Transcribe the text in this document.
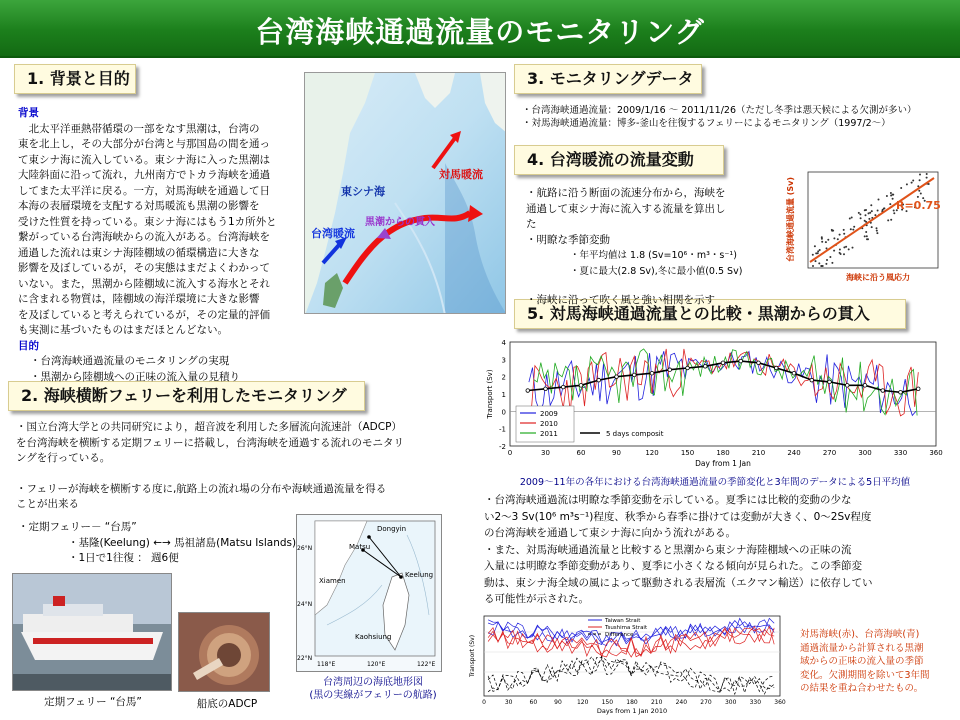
台湾海峡通過流量のモニタリング
1. 背景と目的
2. 海峡横断フェリーを利用したモニタリング
3. モニタリングデータ
4. 台湾暖流の流量変動
5. 対馬海峡通過流量との比較・黒潮からの貫入
背景
　北太平洋亜熱帯循環の一部をなす黒潮は，台湾の
東を北上し，その大部分が台湾と与那国島の間を通っ
て東シナ海に流入している。東シナ海に入った黒潮は
大陸斜面に沿って流れ，九州南方でトカラ海峡を通過
してまた太平洋に戻る。一方，対馬海峡を通過して日
本海の表層環境を支配する対馬暖流も黒潮の影響を
受けた性質を持っている。東シナ海にはもう1カ所外と
繋がっている台湾海峡からの流入がある。台湾海峡を
通過した流れは東シナ海陸棚域の循環構造に大きな
影響を及ぼしているが，その実態はまだよくわかって
いない。また，黒潮から陸棚域に流入する海水とそれ
に含まれる物質は，陸棚域の海洋環境に大きな影響
を及ぼしていると考えられているが，その定量的評価
も実測に基づいたものはまだほとんどない。
目的
・台湾海峡通過流量のモニタリングの実現
・黒潮から陸棚域への正味の流入量の見積り
東シナ海
対馬暖流
台湾暖流
黒潮からの貫入
・国立台湾大学との共同研究により，超音波を利用した多層流向流速計（ADCP）
を台湾海峡を横断する定期フェリーに搭載し，台湾海峡を通過する流れのモニタリ
ングを行っている。
・フェリーが海峡を横断する度に,航路上の流れ場の分布や海峡通過流量を得る
ことが出来る
・定期フェリー－ “台馬”
・基隆(Keelung) ←→ 馬祖諸島(Matsu Islands)
・1日で1往復 ： 週6便
定期フェリー “台馬”	船底のADCP
Dongyin
Matsu
Keelung
Xiamen
Kaohsiung
26°N
24°N
22°N
118°E	120°E	122°E
台湾周辺の海底地形図
(黒の実線がフェリーの航路)
・台湾海峡通過流量：2009/1/16 ～ 2011/11/26（ただし冬季は悪天候による欠測が多い）
・対馬海峡通過流量：博多-釜山を往復するフェリーによるモニタリング（1997/2～）
・航路に沿う断面の流速分布から，海峡を
通過して東シナ海に流入する流量を算出し
た
・明瞭な季節変動
・年平均値は 1.8 (Sv=10⁶・m³・s⁻¹)
・夏に最大(2.8 Sv),冬に最小値(0.5 Sv)
・海峡に沿って吹く風と強い相関を示す
R=0.75
海峡に沿う風応力
台湾海峡通過流量 (Sv)
-2
-1
0
1
2
3
4
0	30	60	90	120	150	180	210	240	270	300	330	360
Day from 1 Jan
Transport (Sv)	2009
2010
2011	5 days composit
2009～11年の各年における台湾海峡通過流量の季節変化と3年間のデータによる5日平均値
・台湾海峡通過流は明瞭な季節変動を示している。夏季には比較的変動の少な
い2～3 Sv(10⁶ m³s⁻¹)程度、秋季から春季に掛けては変動が大きく、0～2Sv程度
の台湾海峡を通過して東シナ海に向かう流れがある。
・また、対馬海峡通過流量と比較すると黒潮から東シナ海陸棚域への正味の流
入量には明瞭な季節変動があり、夏季に小さくなる傾向が見られた。この季節変
動は、東シナ海全域の風によって駆動される表層流（エクマン輸送）に依存してい
る可能性が示された。
0	30	60	90	120 150 180 210 240 270 300 330 360
Days from 1 Jan 2010
Transport (Sv)
Taiwan Strait
Tsushima Strait
Difference	対馬海峡(赤)、台湾海峡(青)
通過流量から計算される黒潮
域からの正味の流入量の季節
変化。欠測期間を除いて3年間
の結果を重ね合わせたもの。
